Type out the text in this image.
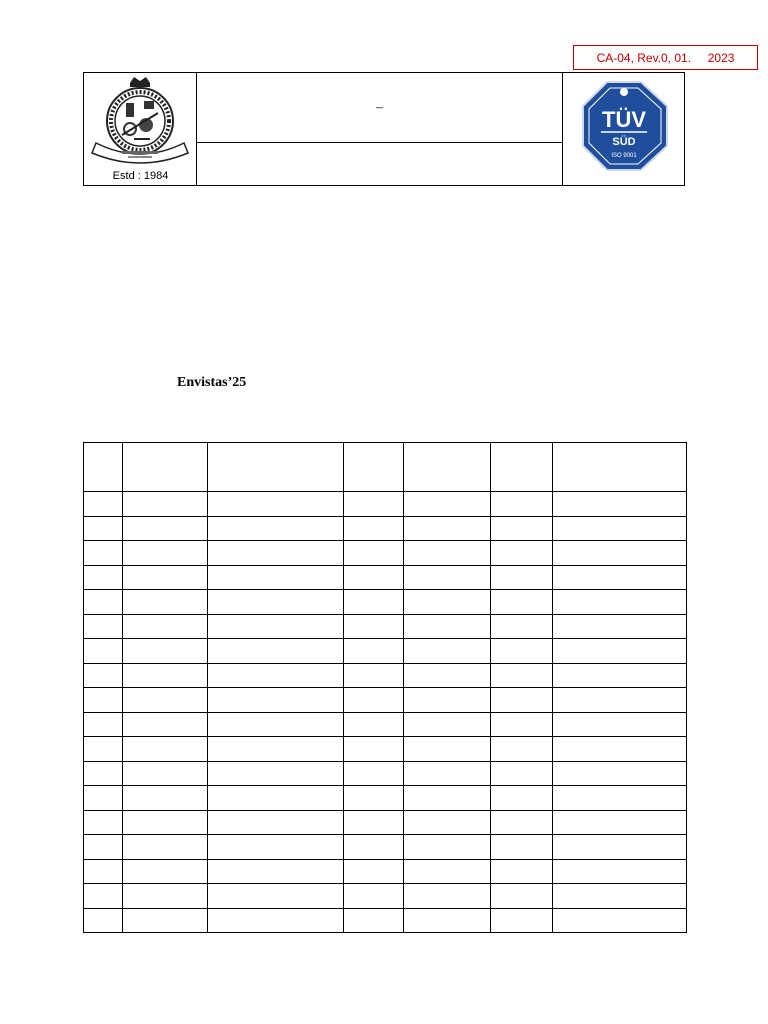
CA-04, Rev.0, 01.     2023
Estd : 1984
–	TÜV
SÜD
ISO 9001
Envistas’25
